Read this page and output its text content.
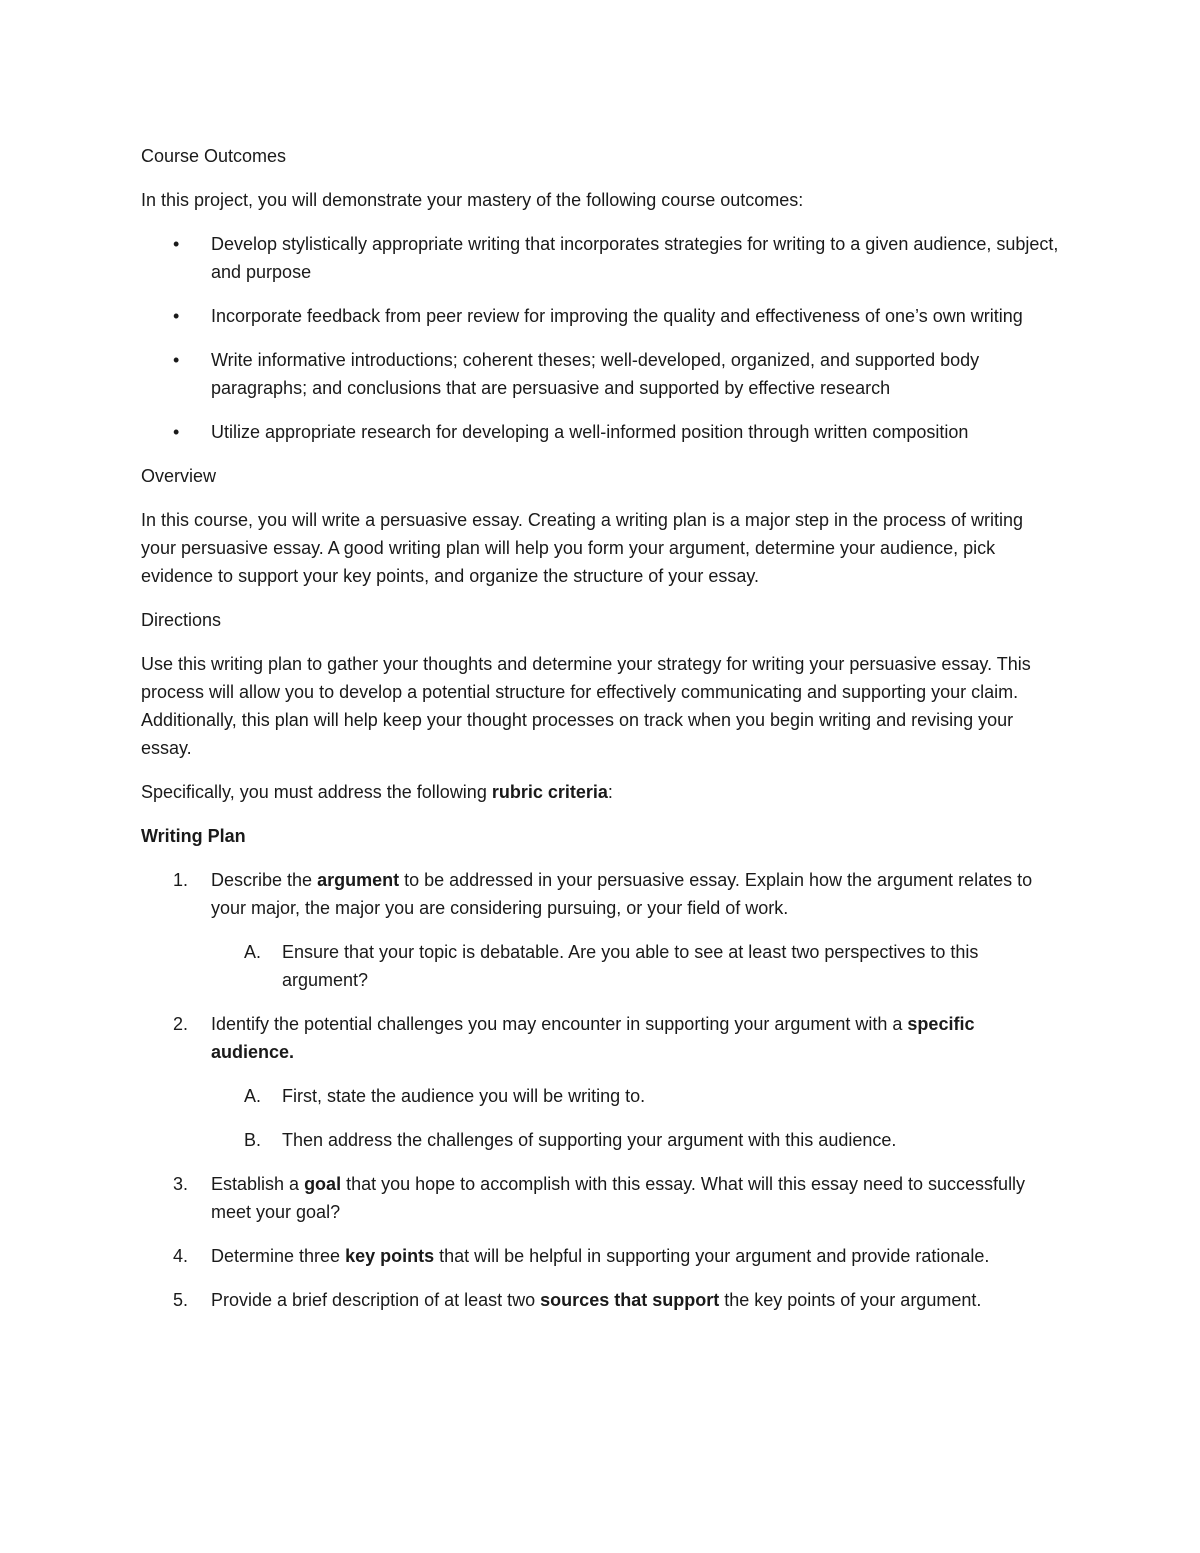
Course Outcomes

In this project, you will demonstrate your mastery of the following course outcomes:

• Develop stylistically appropriate writing that incorporates strategies for writing to a given audience, subject, and purpose
• Incorporate feedback from peer review for improving the quality and effectiveness of one’s own writing
• Write informative introductions; coherent theses; well-developed, organized, and supported body paragraphs; and conclusions that are persuasive and supported by effective research
• Utilize appropriate research for developing a well-informed position through written composition

Overview

In this course, you will write a persuasive essay. Creating a writing plan is a major step in the process of writing your persuasive essay. A good writing plan will help you form your argument, determine your audience, pick evidence to support your key points, and organize the structure of your essay.

Directions

Use this writing plan to gather your thoughts and determine your strategy for writing your persuasive essay. This process will allow you to develop a potential structure for effectively communicating and supporting your claim. Additionally, this plan will help keep your thought processes on track when you begin writing and revising your essay.

Specifically, you must address the following rubric criteria:

Writing Plan

1. Describe the argument to be addressed in your persuasive essay. Explain how the argument relates to your major, the major you are considering pursuing, or your field of work.
A. Ensure that your topic is debatable. Are you able to see at least two perspectives to this argument?
2. Identify the potential challenges you may encounter in supporting your argument with a specific audience.
A. First, state the audience you will be writing to.
B. Then address the challenges of supporting your argument with this audience.
3. Establish a goal that you hope to accomplish with this essay. What will this essay need to successfully meet your goal?
4. Determine three key points that will be helpful in supporting your argument and provide rationale.
5. Provide a brief description of at least two sources that support the key points of your argument.
